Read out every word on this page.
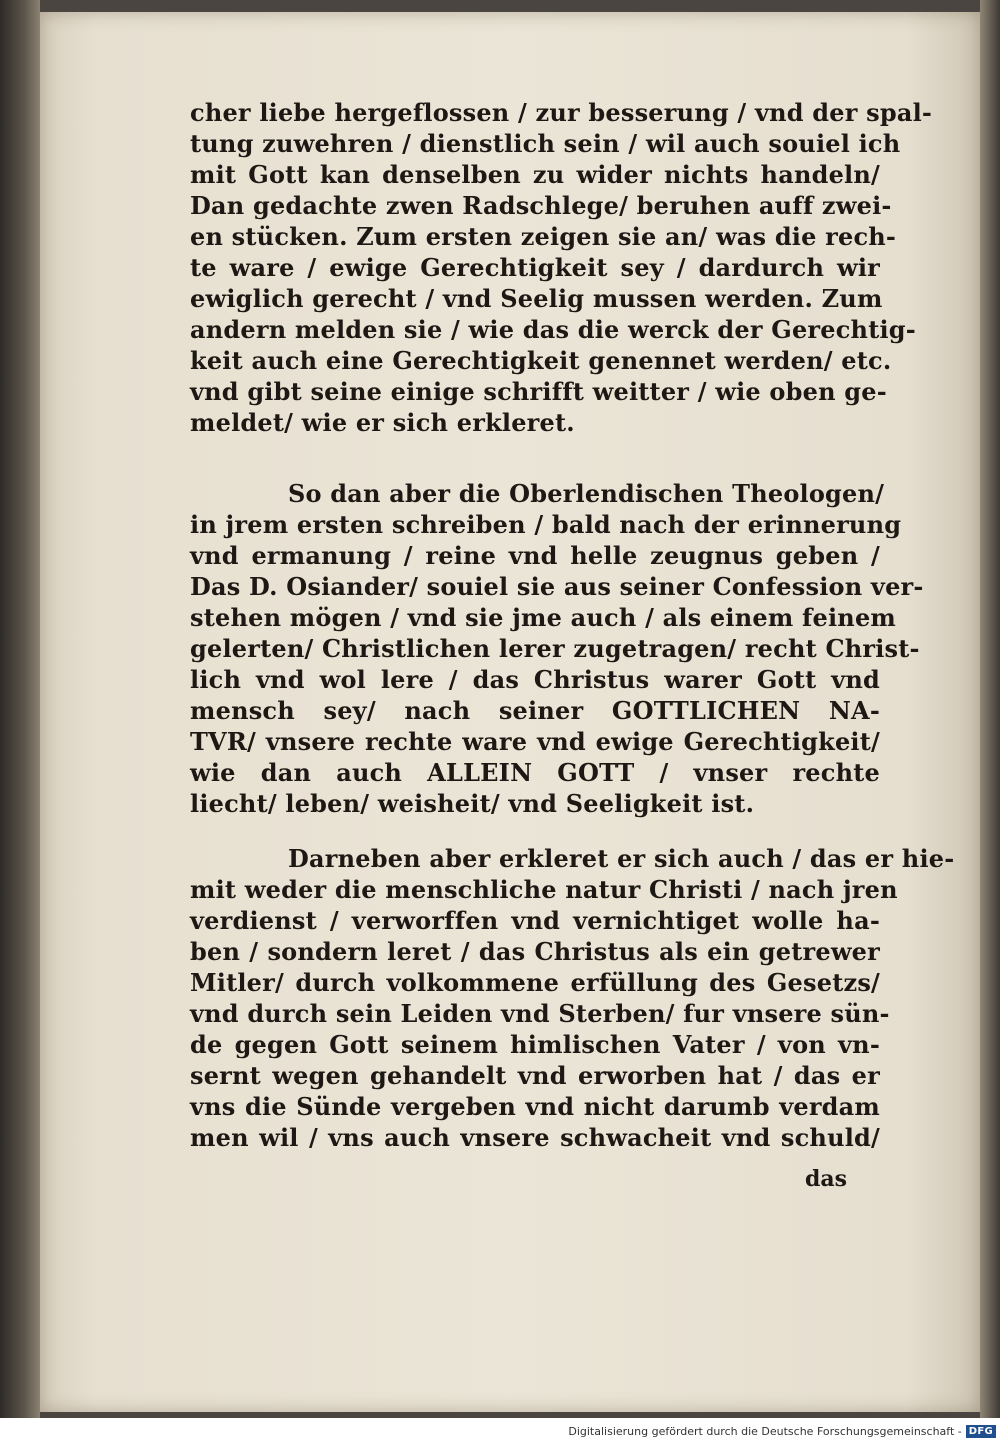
cher liebe hergeflossen / zur besserung / vnd der spal-
tung zuwehren / dienstlich sein / wil auch souiel ich
mit Gott kan denselben zu wider nichts handeln/
Dan gedachte zwen Radschlege/ beruhen auff zwei-
en stücken. Zum ersten zeigen sie an/ was die rech-
te ware / ewige Gerechtigkeit sey / dardurch wir
ewiglich gerecht / vnd Seelig mussen werden. Zum
andern melden sie / wie das die werck der Gerechtig-
keit auch eine Gerechtigkeit genennet werden/ etc.
vnd gibt seine einige schrifft weitter / wie oben ge-
meldet/ wie er sich erkleret.
So dan aber die Oberlendischen Theologen/
in jrem ersten schreiben / bald nach der erinnerung
vnd ermanung / reine vnd helle zeugnus geben /
Das D. Osiander/ souiel sie aus seiner Confession ver-
stehen mögen / vnd sie jme auch / als einem feinem
gelerten/ Christlichen lerer zugetragen/ recht Christ-
lich vnd wol lere / das Christus warer Gott vnd
mensch sey/ nach seiner GOTTLICHEN NA-
TVR/ vnsere rechte ware vnd ewige Gerechtigkeit/
wie dan auch ALLEIN GOTT / vnser rechte
liecht/ leben/ weisheit/ vnd Seeligkeit ist.
Darneben aber erkleret er sich auch / das er hie-
mit weder die menschliche natur Christi / nach jren
verdienst / verworffen vnd vernichtiget wolle ha-
ben / sondern leret / das Christus als ein getrewer
Mitler/ durch volkommene erfüllung des Gesetzs/
vnd durch sein Leiden vnd Sterben/ fur vnsere sün-
de gegen Gott seinem himlischen Vater / von vn-
sernt wegen gehandelt vnd erworben hat / das er
vns die Sünde vergeben vnd nicht darumb verdam
men wil / vns auch vnsere schwacheit vnd schuld/
das
Digitalisierung gefördert durch die Deutsche Forschungsgemeinschaft - DFG
